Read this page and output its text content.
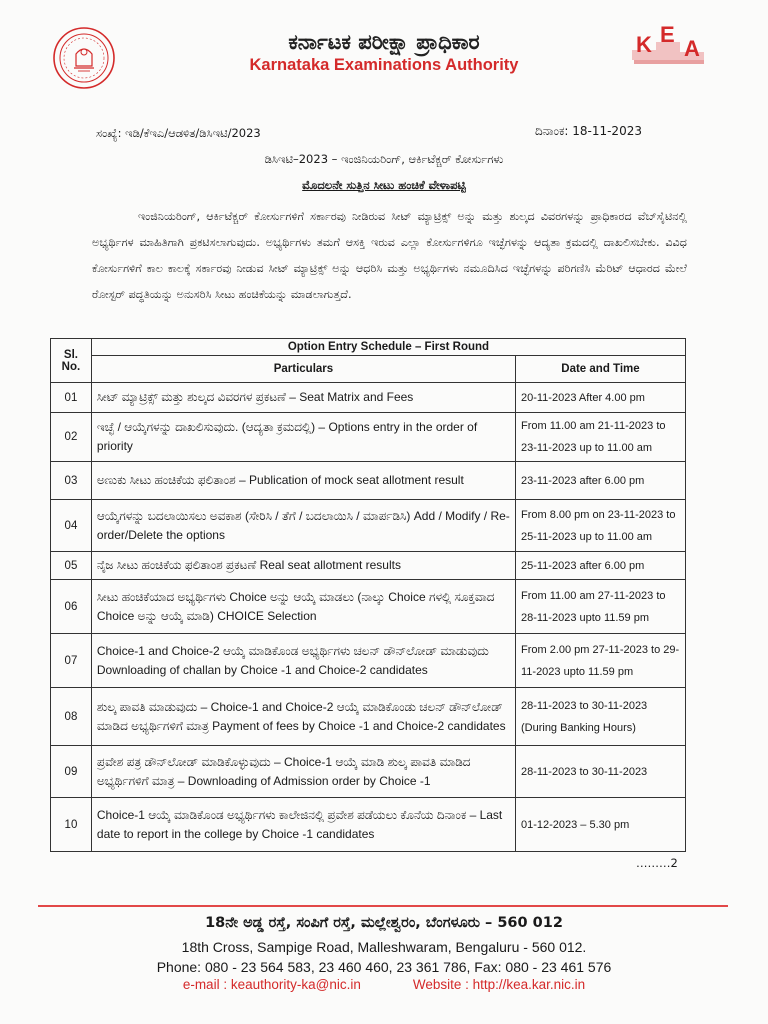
ಕರ್ನಾಟಕ ಪರೀಕ್ಷಾ ಪ್ರಾಧಿಕಾರ
Karnataka Examinations Authority
K E
A
ಸಂಖ್ಯೆ: ಇಡಿ/ಕೆಇಎ/ಆಡಳಿತ/ಡಿಸಿಇಟಿ/2023	ದಿನಾಂಕ: 18-11-2023
ಡಿಸಿಇಟಿ–2023 – ಇಂಜಿನಿಯರಿಂಗ್, ಆರ್ಕಿಟೆಕ್ಚರ್ ಕೋರ್ಸುಗಳು
ಮೊದಲನೇ ಸುತ್ತಿನ ಸೀಟು ಹಂಚಿಕೆ ವೇಳಾಪಟ್ಟಿ
ಇಂಜಿನಿಯರಿಂಗ್, ಆರ್ಕಿಟೆಕ್ಚರ್ ಕೋರ್ಸುಗಳಿಗೆ ಸರ್ಕಾರವು ನೀಡಿರುವ ಸೀಟ್ ಮ್ಯಾಟ್ರಿಕ್ಸ್ ಅನ್ನು ಮತ್ತು ಶುಲ್ಕದ ವಿವರಗಳನ್ನು ಪ್ರಾಧಿಕಾರದ ವೆಬ್‌ಸೈಟಿನಲ್ಲಿ ಅಭ್ಯರ್ಥಿಗಳ ಮಾಹಿತಿಗಾಗಿ ಪ್ರಕಟಿಸಲಾಗುವುದು. ಅಭ್ಯರ್ಥಿಗಳು ತಮಗೆ ಆಸಕ್ತಿ ಇರುವ ಎಲ್ಲಾ ಕೋರ್ಸುಗಳಿಗೂ ಇಚ್ಛೆಗಳನ್ನು ಆದ್ಯತಾ ಕ್ರಮದಲ್ಲಿ ದಾಖಲಿಸಬೇಕು. ವಿವಿಧ ಕೋರ್ಸುಗಳಿಗೆ ಕಾಲ ಕಾಲಕ್ಕೆ ಸರ್ಕಾರವು ನೀಡುವ ಸೀಟ್ ಮ್ಯಾಟ್ರಿಕ್ಸ್ ಅನ್ನು ಆಧರಿಸಿ ಮತ್ತು ಅಭ್ಯರ್ಥಿಗಳು ನಮೂದಿಸಿದ ಇಚ್ಛೆಗಳನ್ನು ಪರಿಗಣಿಸಿ ಮೆರಿಟ್ ಆಧಾರದ ಮೇಲೆ ರೋಸ್ಟರ್ ಪದ್ಧತಿಯನ್ನು ಅನುಸರಿಸಿ ಸೀಟು ಹಂಚಿಕೆಯನ್ನು ಮಾಡಲಾಗುತ್ತದೆ.
Sl.
No.	Option Entry Schedule – First Round	
	Particulars	Date and Time
01	ಸೀಟ್ ಮ್ಯಾಟ್ರಿಕ್ಸ್ ಮತ್ತು ಶುಲ್ಕದ ವಿವರಗಳ ಪ್ರಕಟಣೆ – Seat Matrix and Fees	20-11-2023 After 4.00 pm
02	ಇಚ್ಛೆ / ಆಯ್ಕೆಗಳನ್ನು ದಾಖಲಿಸುವುದು. (ಆದ್ಯತಾ ಕ್ರಮದಲ್ಲಿ) – Options entry in the order of priority	From 11.00 am 21-11-2023 to 23-11-2023 up to 11.00 am
03	ಅಣುಕು ಸೀಟು ಹಂಚಿಕೆಯ ಫಲಿತಾಂಶ – Publication of mock seat allotment result	23-11-2023 after 6.00 pm
04	ಆಯ್ಕೆಗಳನ್ನು ಬದಲಾಯಿಸಲು ಅವಕಾಶ (ಸೇರಿಸಿ / ತೆಗೆ / ಬದಲಾಯಿಸಿ / ಮಾರ್ಪಡಿಸಿ) Add / Modify / Re-order/Delete the options	From 8.00 pm on 23-11-2023 to 25-11-2023 up to 11.00 am
05	ನೈಜ ಸೀಟು ಹಂಚಿಕೆಯ ಫಲಿತಾಂಶ ಪ್ರಕಟಣೆ Real seat allotment results	25-11-2023 after 6.00 pm
06	ಸೀಟು ಹಂಚಿಕೆಯಾದ ಅಭ್ಯರ್ಥಿಗಳು Choice ಅನ್ನು ಆಯ್ಕೆ ಮಾಡಲು (ನಾಲ್ಕು Choice ಗಳಲ್ಲಿ ಸೂಕ್ತವಾದ Choice ಅನ್ನು ಆಯ್ಕೆ ಮಾಡಿ) CHOICE Selection	From 11.00 am 27-11-2023 to 28-11-2023 upto 11.59 pm
07	Choice-1 and Choice-2 ಆಯ್ಕೆ ಮಾಡಿಕೊಂಡ ಅಭ್ಯರ್ಥಿಗಳು ಚಲನ್ ಡೌನ್‌ಲೋಡ್ ಮಾಡುವುದು Downloading of challan by Choice -1 and Choice-2 candidates	From 2.00 pm 27-11-2023 to 29-11-2023 upto 11.59 pm
08	ಶುಲ್ಕ ಪಾವತಿ ಮಾಡುವುದು – Choice-1 and Choice-2 ಆಯ್ಕೆ ಮಾಡಿಕೊಂಡು ಚಲನ್ ಡೌನ್‌ಲೋಡ್ ಮಾಡಿದ ಅಭ್ಯರ್ಥಿಗಳಿಗೆ ಮಾತ್ರ Payment of fees by Choice -1 and Choice-2 candidates	28-11-2023 to 30-11-2023 (During Banking Hours)
09	ಪ್ರವೇಶ ಪತ್ರ ಡೌನ್‌ಲೋಡ್ ಮಾಡಿಕೊಳ್ಳುವುದು – Choice-1 ಆಯ್ಕೆ ಮಾಡಿ ಶುಲ್ಕ ಪಾವತಿ ಮಾಡಿದ ಅಭ್ಯರ್ಥಿಗಳಿಗೆ ಮಾತ್ರ – Downloading of Admission order by Choice -1	28-11-2023 to 30-11-2023
10	Choice-1 ಆಯ್ಕೆ ಮಾಡಿಕೊಂಡ ಅಭ್ಯರ್ಥಿಗಳು ಕಾಲೇಜಿನಲ್ಲಿ ಪ್ರವೇಶ ಪಡೆಯಲು ಕೊನೆಯ ದಿನಾಂಕ – Last date to report in the college by Choice -1 candidates	01-12-2023 – 5.30 pm
………2
18ನೇ ಅಡ್ಡ ರಸ್ತೆ, ಸಂಪಿಗೆ ರಸ್ತೆ, ಮಲ್ಲೇಶ್ವರಂ, ಬೆಂಗಳೂರು – 560 012
18th Cross, Sampige Road, Malleshwaram, Bengaluru - 560 012.
Phone: 080 - 23 564 583, 23 460 460, 23 361 786, Fax: 080 - 23 461 576
e-mail : keauthority-ka@nic.in	Website : http://kea.kar.nic.in
